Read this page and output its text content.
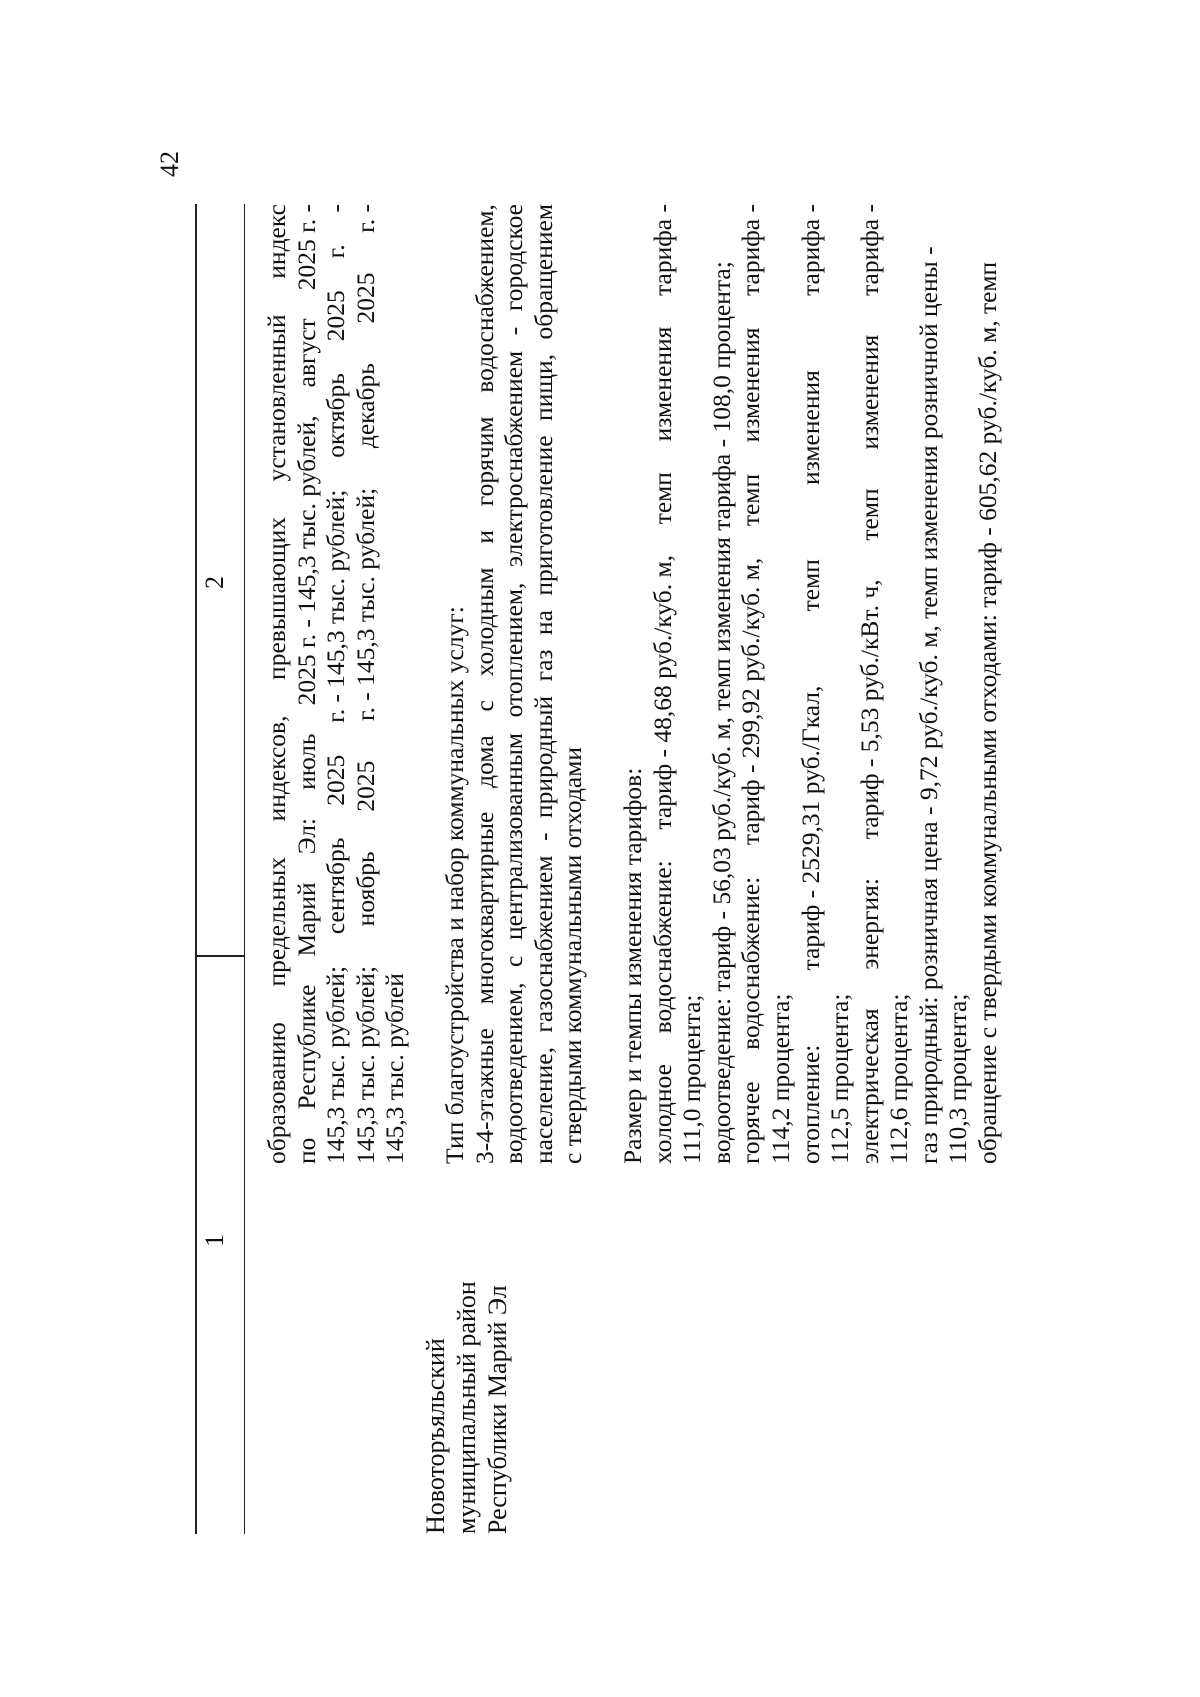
42
1
2
Новоторъяльский муниципальный район Республики Марий Эл
образованию
предельных
индексов,
превышающих
установленный
индекс
по
Республике
Марий
Эл:
июль
2025 г. - 145,3 тыс. рублей,
август
2025 г. -
145,3 тыс. рублей;
сентябрь
2025
г. - 145,3 тыс. рублей;
октябрь
2025
г.
-
145,3 тыс. рублей;
ноябрь
2025
г. - 145,3 тыс. рублей;
декабрь
2025
г. -
145,3 тыс. рублей Тип благоустройства и набор коммунальных услуг: 3-4-этажные
многоквартирные
дома
с
холодным
и
горячим
водоснабжением,
водоотведением,
с
централизованным
отоплением,
электроснабжением
-
городское
население,
газоснабжением
-
природный
газ
на
приготовление
пищи,
обращением
с твердыми коммунальными отходами Размер и темпы изменения тарифов: холодное
водоснабжение:
тариф - 48,68 руб./куб. м,
темп
изменения
тарифа -
111,0 процента; водоотведение: тариф - 56,03 руб./куб. м, темп изменения тарифа - 108,0 процента; горячее
водоснабжение:
тариф - 299,92 руб./куб. м,
темп
изменения
тарифа -
114,2 процента; отопление:
тариф - 2529,31 руб./Гкал,
темп
изменения
тарифа -
112,5 процента; электрическая
энергия:
тариф - 5,53 руб./кВт. ч,
темп
изменения
тарифа -
112,6 процента; газ природный: розничная цена - 9,72 руб./куб. м, темп изменения розничной цены - 110,3 процента; обращение с твердыми коммунальными отходами: тариф - 605,62 руб./куб. м, темп
